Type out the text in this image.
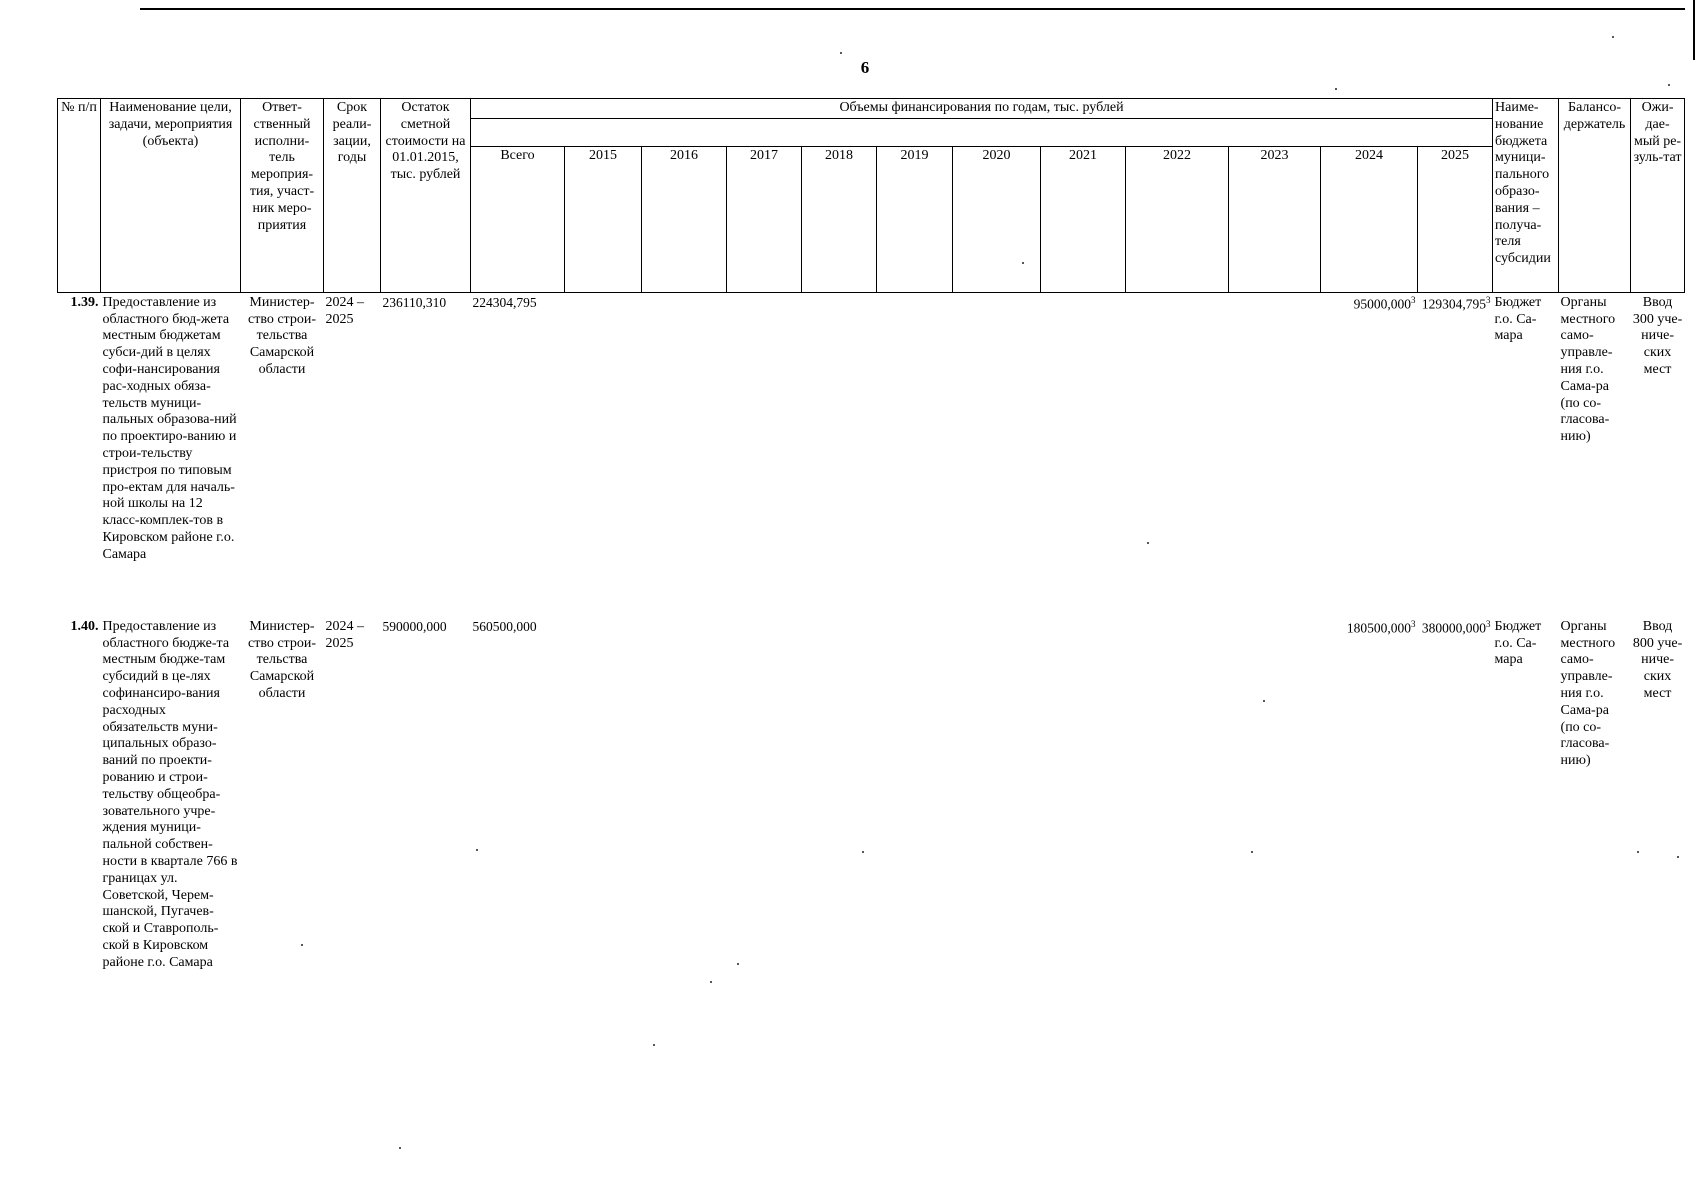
6
№ п/п	Наименование цели, задачи, мероприятия (объекта)	Ответ-ственный исполни-тель мероприя-тия, участ-ник меро-приятия	Срок реали-зации, годы	Остаток сметной стоимости на 01.01.2015, тыс. рублей	Объемы финансирования по годам, тыс. рублей												Наиме-нование бюджета муници-пального образо-вания – получа-теля субсидии	Балансо-держатель	Ожи-дае-мый ре-зуль-тат

					Всего	2015	2016	2017	2018	2019	2020	2021	2022	2023	2024	2025			
1.39.	Предоставление из областного бюд-жета местным бюджетам субси-дий в целях софи-нансирования рас-ходных обяза-тельств муници-пальных образова-ний по проектиро-ванию и строи-тельству пристроя по типовым про-ектам для началь-ной школы на 12 класс-комплек-тов в Кировском районе г.о. Самара	Министер-ство строи-тельства Самарской области	2024 – 2025	236110,310	224304,795										95000,000$^3$	129304,795$^3$	Бюджет г.о. Са-мара	Органы местного само-управле-ния г.о. Сама-ра (по со-гласова-нию)	Ввод 300 уче-ниче-ских мест
1.40.	Предоставление из областного бюдже-та местным бюдже-там субсидий в це-лях софинансиро-вания расходных обязательств муни-ципальных образо-ваний по проекти-рованию и строи-тельству общеобра-зовательного учре-ждения муници-пальной собствен-ности в квартале 766 в границах ул. Советской, Черем-шанской, Пугачев-ской и Ставрополь-ской в Кировском районе г.о. Самара	Министер-ство строи-тельства Самарской области	2024 – 2025	590000,000	560500,000										180500,000$^3$	380000,000$^3$	Бюджет г.о. Са-мара	Органы местного само-управле-ния г.о. Сама-ра (по со-гласова-нию)	Ввод 800 уче-ниче-ских мест
